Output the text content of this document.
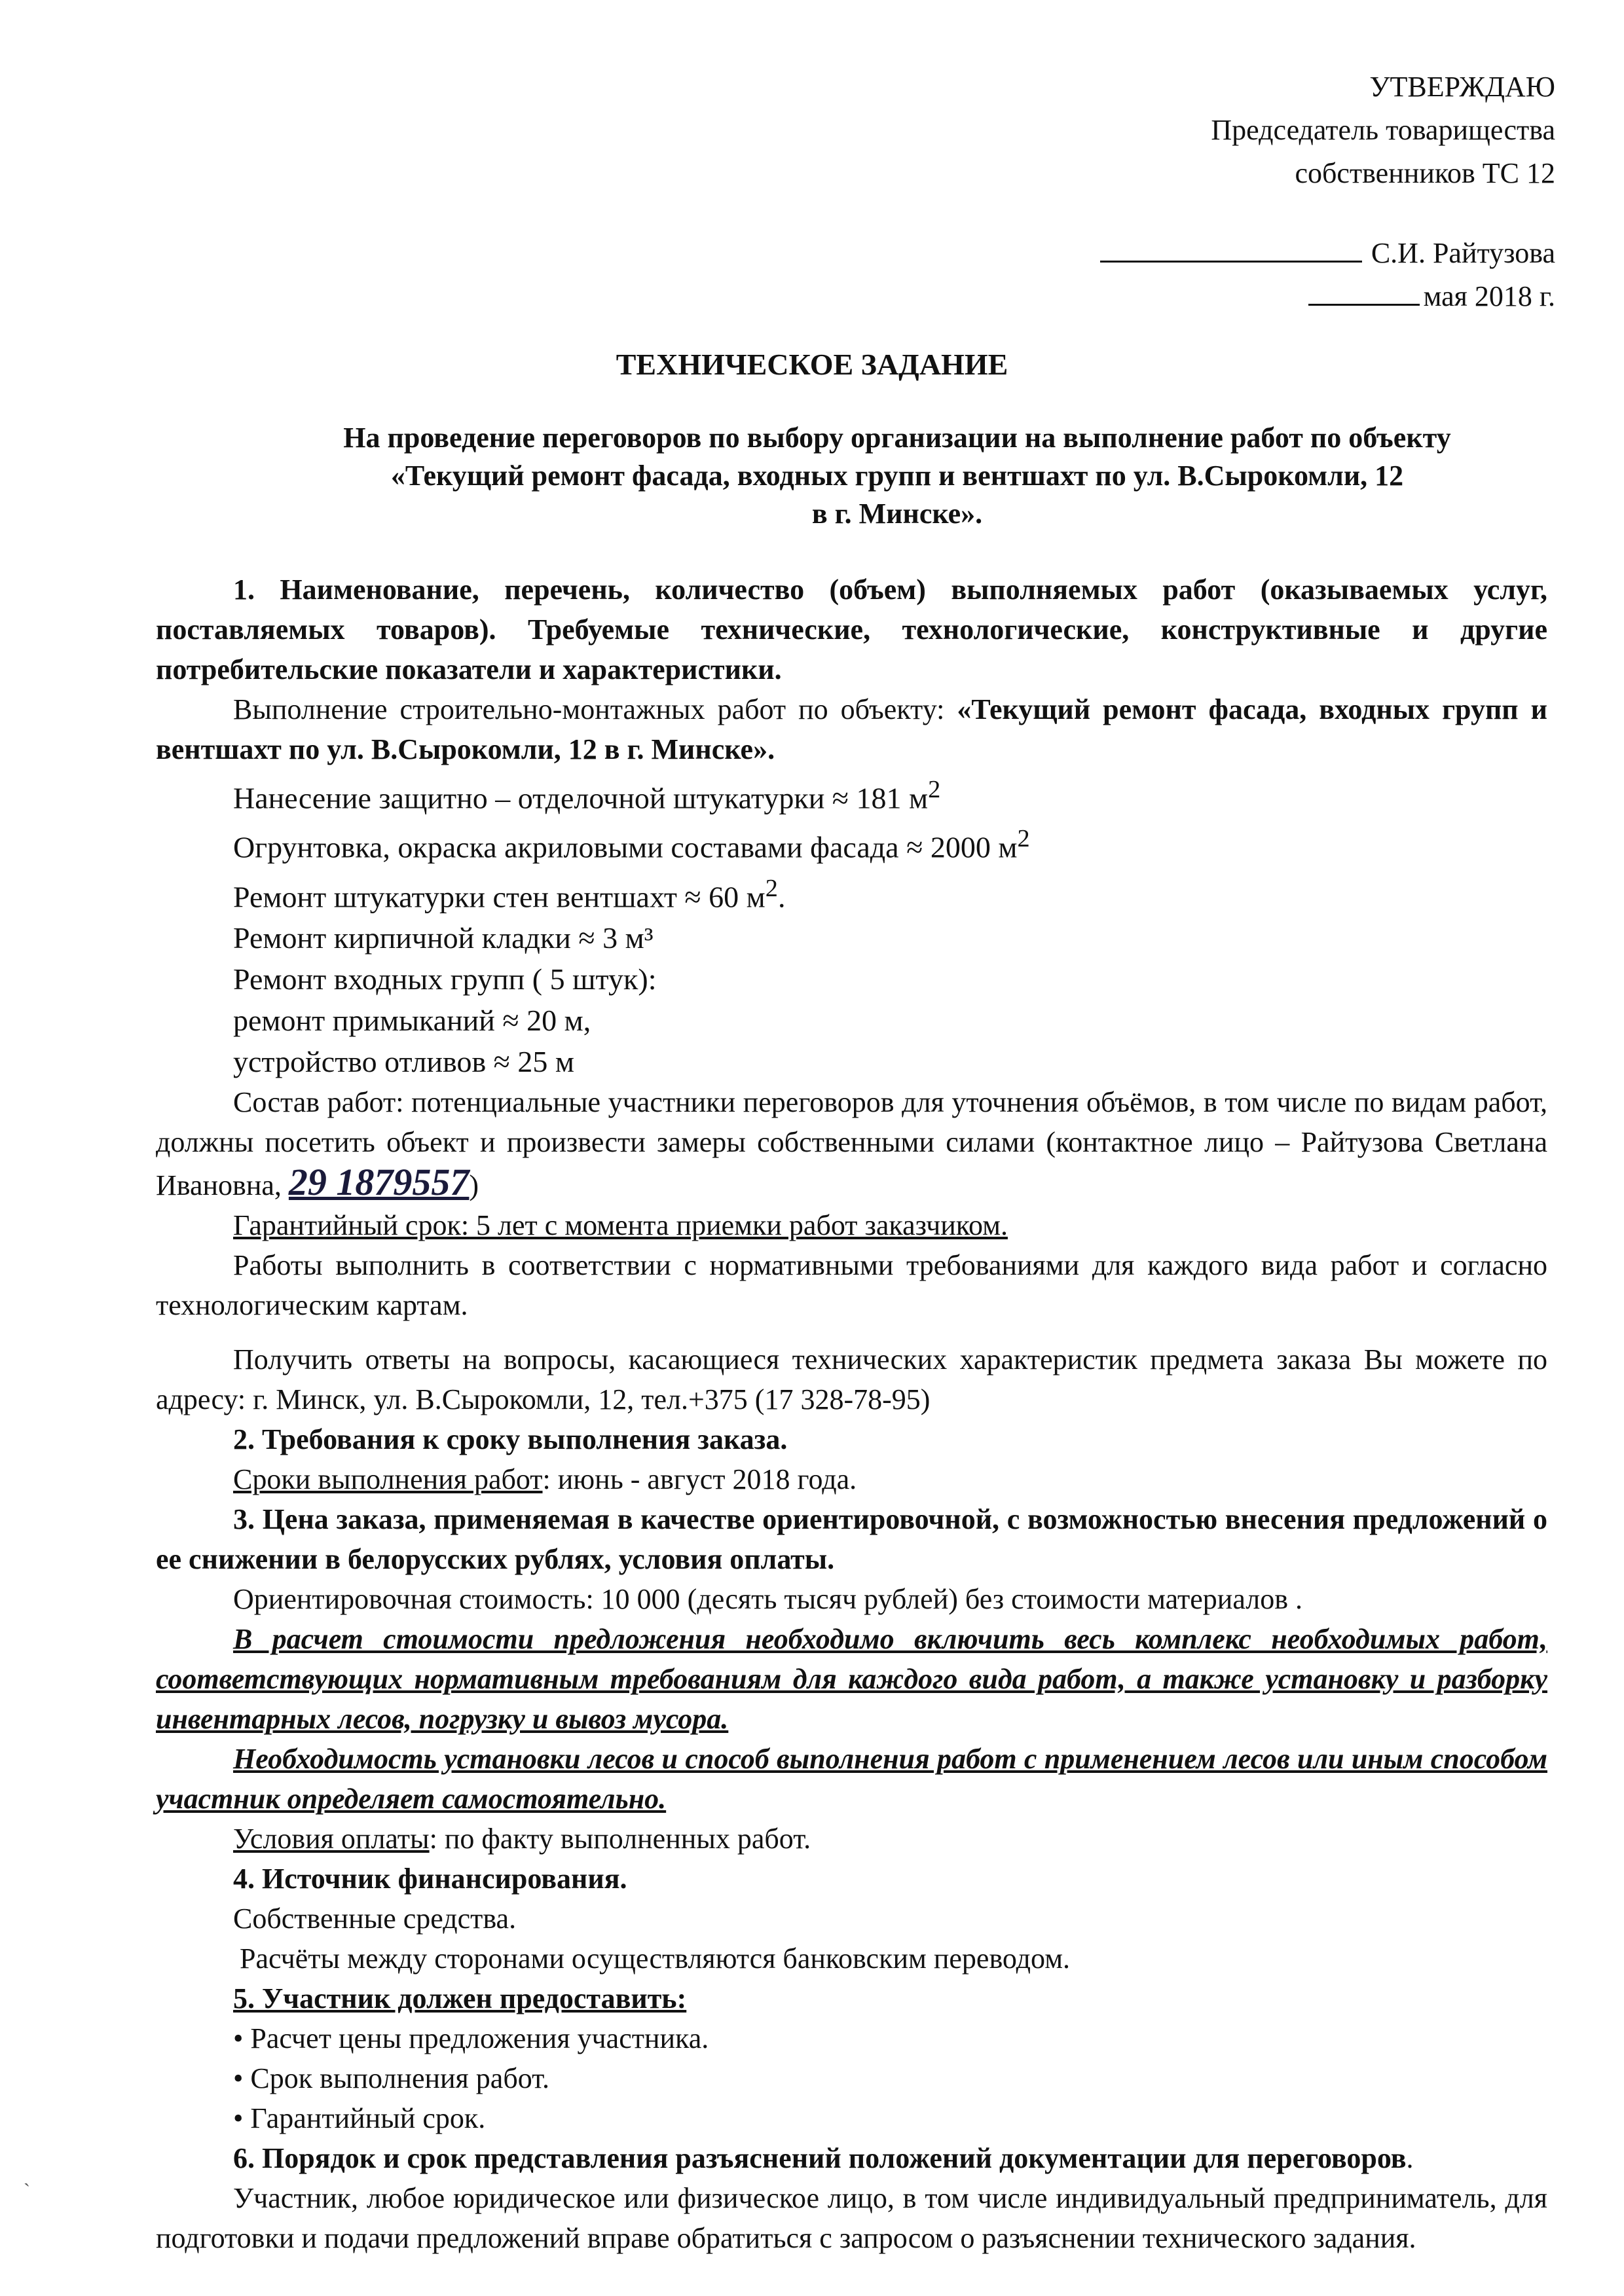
УТВЕРЖДАЮ
Председатель товарищества
собственников ТС 12
С.И. Райтузова
мая 2018 г.
ТЕХНИЧЕСКОЕ ЗАДАНИЕ
На проведение переговоров по выбору организации на выполнение работ по объекту
«Текущий ремонт фасада, входных групп и вентшахт по ул. В.Сырокомли, 12
в г. Минске».
1. Наименование, перечень, количество (объем) выполняемых работ (оказываемых услуг, поставляемых товаров). Требуемые технические, технологические, конструктивные и другие потребительские показатели и характеристики.
Выполнение строительно-монтажных работ по объекту: «Текущий ремонт фасада, входных групп и вентшахт по ул. В.Сырокомли, 12 в г. Минске».
Нанесение защитно – отделочной штукатурки ≈ 181 $м^2$
Огрунтовка, окраска акриловыми составами фасада ≈ 2000 $м^2$
Ремонт штукатурки стен вентшахт ≈ 60 $м^2$.
Ремонт кирпичной кладки ≈ 3 м³
Ремонт входных групп ( 5 штук):
ремонт примыканий ≈ 20 м,
устройство отливов ≈ 25 м
Состав работ: потенциальные участники переговоров для уточнения объёмов, в том числе по видам работ, должны посетить объект и произвести замеры собственными силами (контактное лицо – Райтузова Светлана Ивановна, 29 1879557)
Гарантийный срок: 5 лет с момента приемки работ заказчиком.
Работы выполнить в соответствии с нормативными требованиями для каждого вида работ и согласно технологическим картам.
Получить ответы на вопросы, касающиеся технических характеристик предмета заказа Вы можете по адресу: г. Минск, ул. В.Сырокомли, 12, тел.+375 (17 328-78-95)
2. Требования к сроку выполнения заказа.
Сроки выполнения работ: июнь - август 2018 года.
3. Цена заказа, применяемая в качестве ориентировочной, с возможностью внесения предложений о ее снижении в белорусских рублях, условия оплаты.
Ориентировочная стоимость: 10 000 (десять тысяч рублей) без стоимости материалов .
В расчет стоимости предложения необходимо включить весь комплекс необходимых работ, соответствующих нормативным требованиям для каждого вида работ, а также установку и разборку инвентарных лесов, погрузку и вывоз мусора.
Необходимость установки лесов и способ выполнения работ с применением лесов или иным способом участник определяет самостоятельно.
Условия оплаты: по факту выполненных работ.
4. Источник финансирования.
Собственные средства.
Расчёты между сторонами осуществляются банковским переводом.
5. Участник должен предоставить:
• Расчет цены предложения участника.
• Срок выполнения работ.
• Гарантийный срок.
6. Порядок и срок представления разъяснений положений документации для переговоров.
Участник, любое юридическое или физическое лицо, в том числе индивидуальный предприниматель, для подготовки и подачи предложений вправе обратиться с запросом о разъяснении технического задания.
ˏ
